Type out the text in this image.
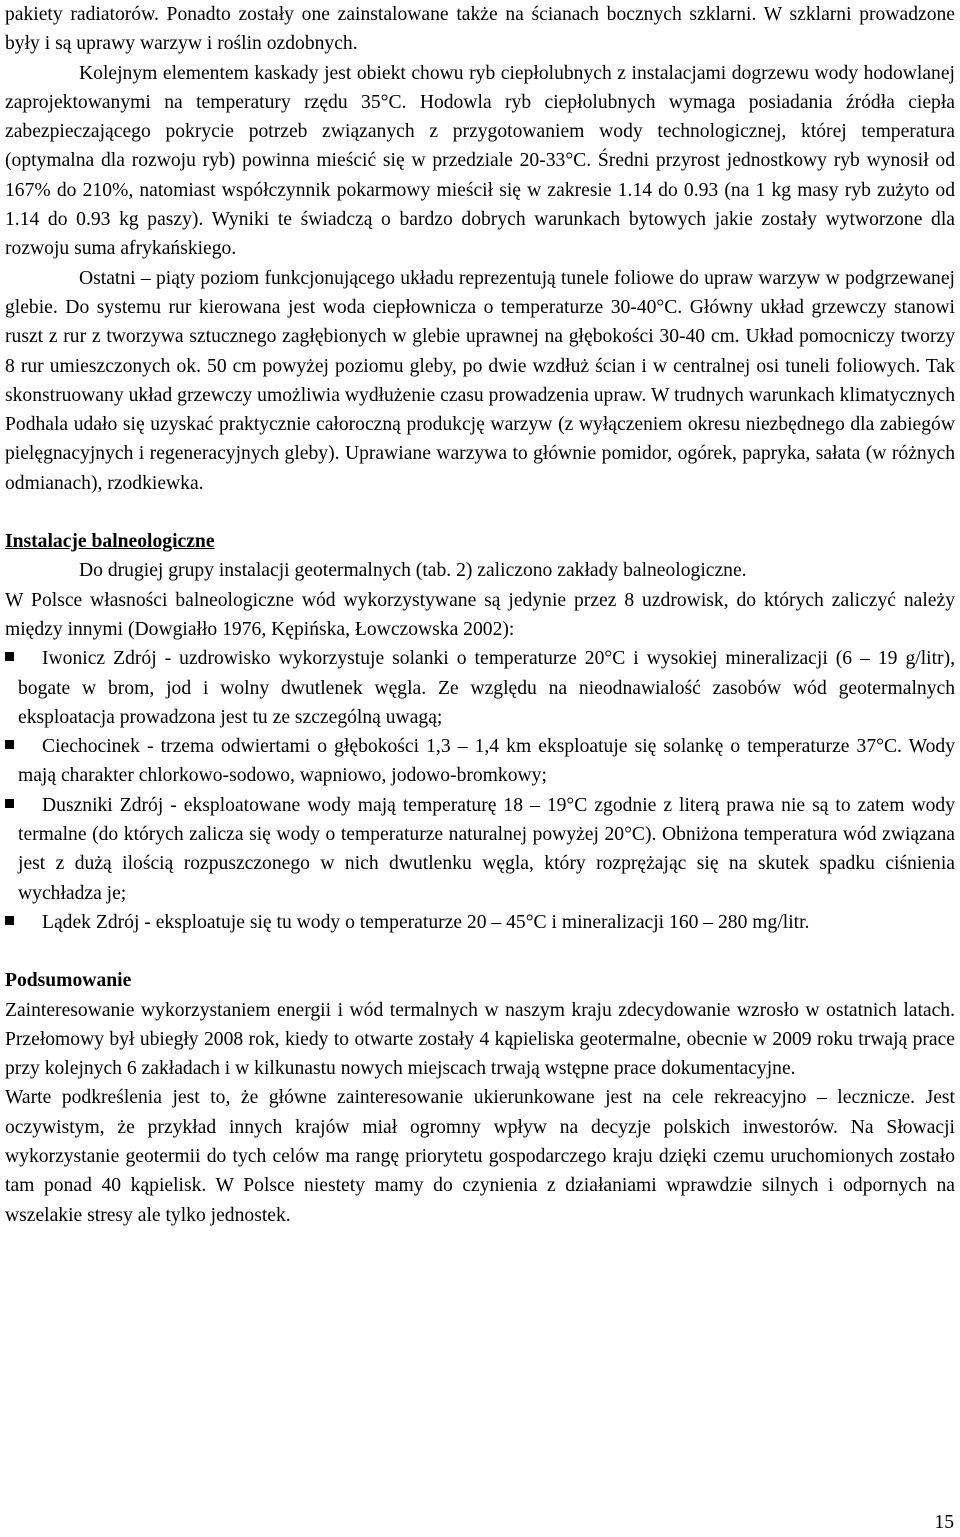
pakiety radiatorów. Ponadto zostały one zainstalowane także na ścianach bocznych szklarni. W szklarni prowadzone były i są uprawy warzyw i roślin ozdobnych.

Kolejnym elementem kaskady jest obiekt chowu ryb ciepłolubnych z instalacjami dogrzewu wody hodowlanej zaprojektowanymi na temperatury rzędu 35°C. Hodowla ryb ciepłolubnych wymaga posiadania źródła ciepła zabezpieczającego pokrycie potrzeb związanych z przygotowaniem wody technologicznej, której temperatura (optymalna dla rozwoju ryb) powinna mieścić się w przedziale 20-33°C. Średni przyrost jednostkowy ryb wynosił od 167% do 210%, natomiast współczynnik pokarmowy mieścił się w zakresie 1.14 do 0.93 (na 1 kg masy ryb zużyto od 1.14 do 0.93 kg paszy). Wyniki te świadczą o bardzo dobrych warunkach bytowych jakie zostały wytworzone dla rozwoju suma afrykańskiego.

Ostatni – piąty poziom funkcjonującego układu reprezentują tunele foliowe do upraw warzyw w podgrzewanej glebie. Do systemu rur kierowana jest woda ciepłownicza o temperaturze 30-40°C. Główny układ grzewczy stanowi ruszt z rur z tworzywa sztucznego zagłębionych w glebie uprawnej na głębokości 30-40 cm. Układ pomocniczy tworzy 8 rur umieszczonych ok. 50 cm powyżej poziomu gleby, po dwie wzdłuż ścian i w centralnej osi tuneli foliowych. Tak skonstruowany układ grzewczy umożliwia wydłużenie czasu prowadzenia upraw. W trudnych warunkach klimatycznych Podhala udało się uzyskać praktycznie całoroczną produkcję warzyw (z wyłączeniem okresu niezbędnego dla zabiegów pielęgnacyjnych i regeneracyjnych gleby). Uprawiane warzywa to głównie pomidor, ogórek, papryka, sałata (w różnych odmianach), rzodkiewka.

Instalacje balneologiczne

Do drugiej grupy instalacji geotermalnych (tab. 2) zaliczono zakłady balneologiczne.

W Polsce własności balneologiczne wód wykorzystywane są jedynie przez 8 uzdrowisk, do których zaliczyć należy między innymi (Dowgiałło 1976, Kępińska, Łowczowska 2002):

Iwonicz Zdrój - uzdrowisko wykorzystuje solanki o temperaturze 20°C i wysokiej mineralizacji (6 – 19 g/litr), bogate w brom, jod i wolny dwutlenek węgla. Ze względu na nieodnawialość zasobów wód geotermalnych eksploatacja prowadzona jest tu ze szczególną uwagą;
Ciechocinek - trzema odwiertami o głębokości 1,3 – 1,4 km eksploatuje się solankę o temperaturze 37°C. Wody mają charakter chlorkowo-sodowo, wapniowo, jodowo-bromkowy;
Duszniki Zdrój - eksploatowane wody mają temperaturę 18 – 19°C zgodnie z literą prawa nie są to zatem wody termalne (do których zalicza się wody o temperaturze naturalnej powyżej 20°C). Obniżona temperatura wód związana jest z dużą ilością rozpuszczonego w nich dwutlenku węgla, który rozprężając się na skutek spadku ciśnienia wychładza je;
Lądek Zdrój - eksploatuje się tu wody o temperaturze 20 – 45°C i mineralizacji 160 – 280 mg/litr.

Podsumowanie

Zainteresowanie wykorzystaniem energii i wód termalnych w naszym kraju zdecydowanie wzrosło w ostatnich latach. Przełomowy był ubiegły 2008 rok, kiedy to otwarte zostały 4 kąpieliska geotermalne, obecnie w 2009 roku trwają prace przy kolejnych 6 zakładach i w kilkunastu nowych miejscach trwają wstępne prace dokumentacyjne.

Warte podkreślenia jest to, że główne zainteresowanie ukierunkowane jest na cele rekreacyjno – lecznicze. Jest oczywistym, że przykład innych krajów miał ogromny wpływ na decyzje polskich inwestorów. Na Słowacji wykorzystanie geotermii do tych celów ma rangę priorytetu gospodarczego kraju dzięki czemu uruchomionych zostało tam ponad 40 kąpielisk. W Polsce niestety mamy do czynienia z działaniami wprawdzie silnych i odpornych na wszelakie stresy ale tylko jednostek.

15
